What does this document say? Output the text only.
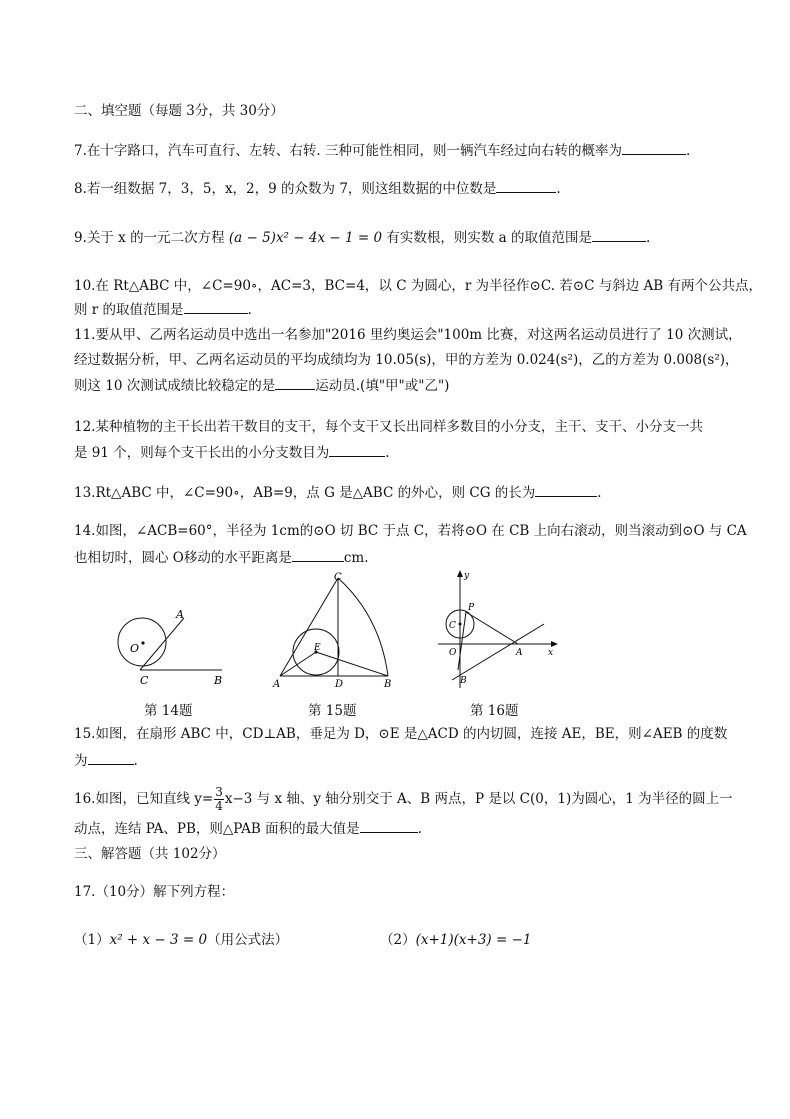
二、填空题（每题 3分，共 30分）
7.在十字路口，汽车可直行、左转、右转. 三种可能性相同，则一辆汽车经过向右转的概率为	.
8.若一组数据 7，3，5，x，2，9 的众数为 7，则这组数据的中位数是	.
9.关于 x 的一元二次方程 (a − 5)x² − 4x − 1 = 0 有实数根，则实数 a 的取值范围是	.
10.在 Rt△ABC 中，∠C=90∘，AC=3，BC=4，以 C 为圆心，r 为半径作⊙C. 若⊙C 与斜边 AB 有两个公共点，
则 r 的取值范围是	.
11.要从甲、乙两名运动员中选出一名参加"2016 里约奥运会"100m 比赛，对这两名运动员进行了 10 次测试，
经过数据分析，甲、乙两名运动员的平均成绩均为 10.05(s)，甲的方差为 0.024(s²)，乙的方差为 0.008(s²)，
则这 10 次测试成绩比较稳定的是	运动员.(填"甲"或"乙")
12.某种植物的主干长出若干数目的支干，每个支干又长出同样多数目的小分支，主干、支干、小分支一共
是 91 个，则每个支干长出的小分支数目为	.
13.Rt△ABC 中，∠C=90∘，AB=9，点 G 是△ABC 的外心，则 CG 的长为	.
14.如图，∠ACB=60°，半径为 1cm的⊙O 切 BC 于点 C，若将⊙O 在 CB 上向右滚动，则当滚动到⊙O 与 CA
也相切时，圆心 O移动的水平距离是	cm.
O
A
C	B
第 14题
C
E
A	D	B
第 15题
y
P
C
O	A	x
B
第 16题
15.如图，在扇形 ABC 中，CD⊥AB，垂足为 D，⊙E 是△ACD 的内切圆，连接 AE，BE，则∠AEB 的度数
为	.
16.如图，已知直线 $y= \frac{3}{4} x-3$ 与 x 轴、y 轴分别交于 A、B 两点，P 是以 C(0，1)为圆心，1 为半径的圆上一
动点，连结 PA、PB，则△PAB 面积的最大值是	.
三、解答题（共 102分）
17.（10分）解下列方程：
（1）x² + x − 3 = 0（用公式法）	（2）(x+1)(x+3) = −1
